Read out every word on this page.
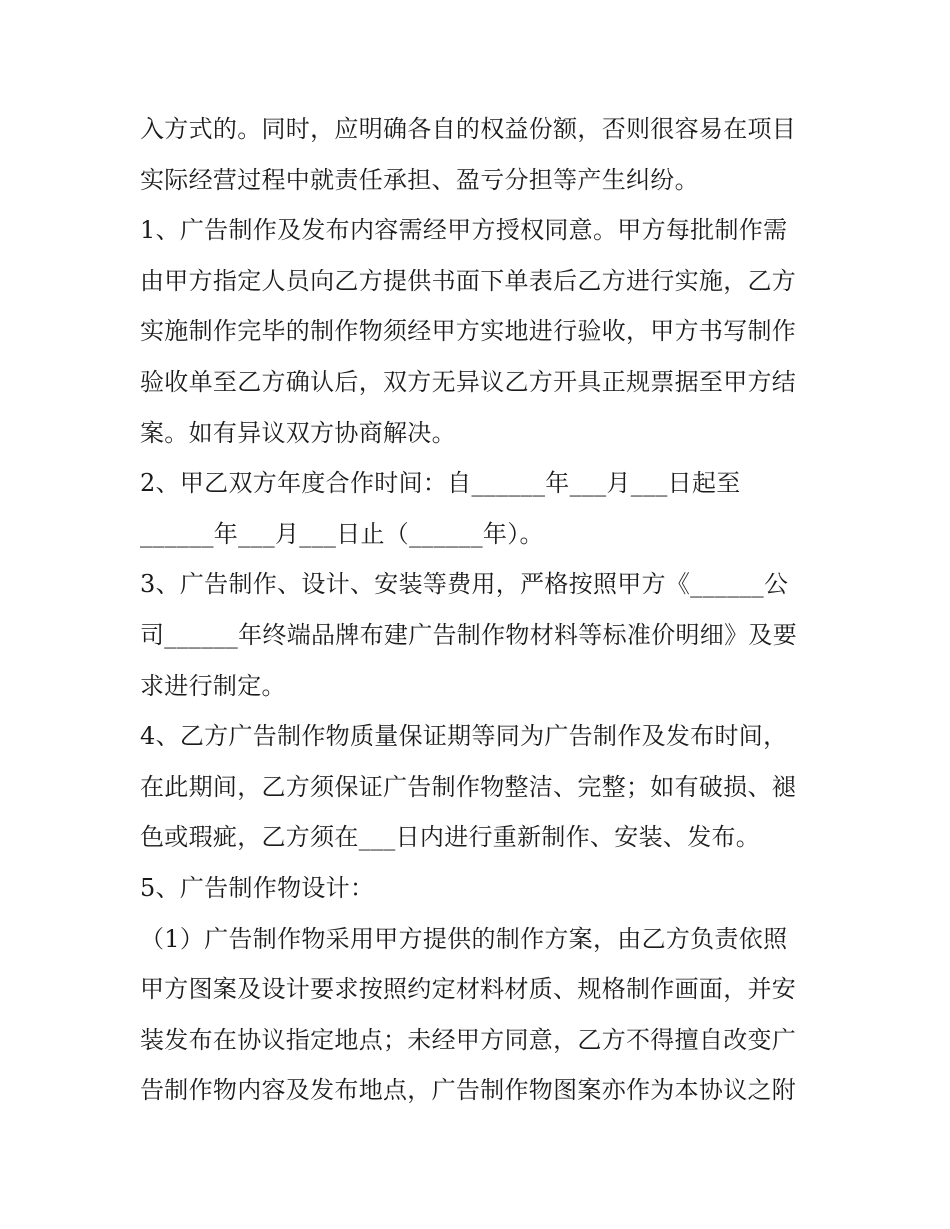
入方式的。同时，应明确各自的权益份额，否则很容易在项目
实际经营过程中就责任承担、盈亏分担等产生纠纷。
1、广告制作及发布内容需经甲方授权同意。甲方每批制作需
由甲方指定人员向乙方提供书面下单表后乙方进行实施，乙方
实施制作完毕的制作物须经甲方实地进行验收，甲方书写制作
验收单至乙方确认后，双方无异议乙方开具正规票据至甲方结
案。如有异议双方协商解决。
2、甲乙双方年度合作时间：自______年___月___日起至
______年___月___日止（______年）。
3、广告制作、设计、安装等费用，严格按照甲方《______公
司______年终端品牌布建广告制作物材料等标准价明细》及要
求进行制定。
4、乙方广告制作物质量保证期等同为广告制作及发布时间，
在此期间，乙方须保证广告制作物整洁、完整；如有破损、褪
色或瑕疵，乙方须在___日内进行重新制作、安装、发布。
5、广告制作物设计：
（1）广告制作物采用甲方提供的制作方案，由乙方负责依照
甲方图案及设计要求按照约定材料材质、规格制作画面，并安
装发布在协议指定地点；未经甲方同意，乙方不得擅自改变广
告制作物内容及发布地点，广告制作物图案亦作为本协议之附
